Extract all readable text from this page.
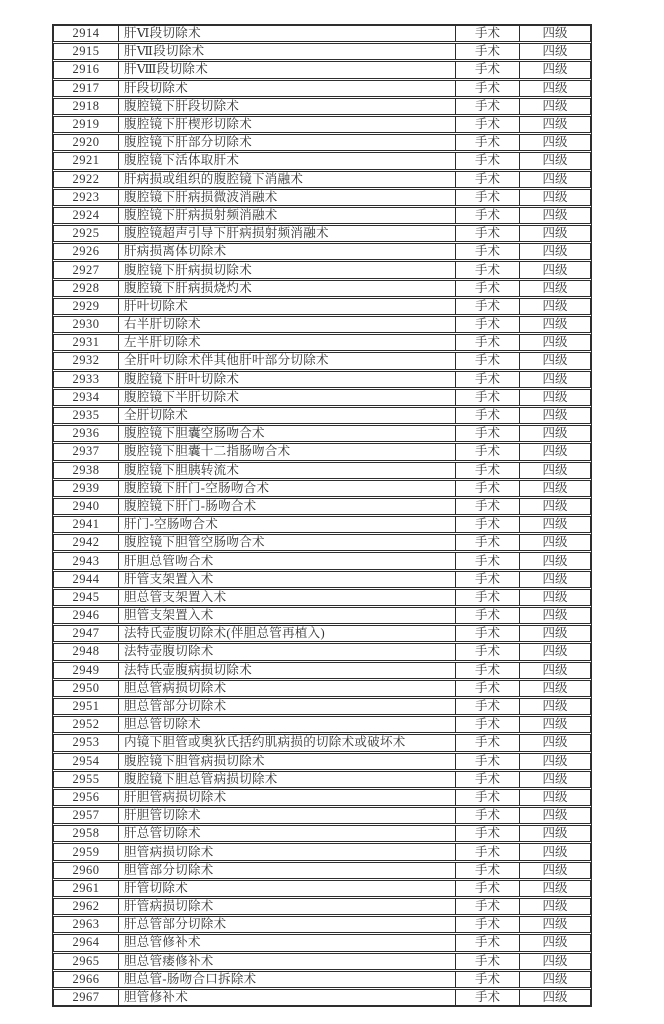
2914	肝Ⅵ段切除术	手术	四级
2915	肝Ⅶ段切除术	手术	四级
2916	肝Ⅷ段切除术	手术	四级
2917	肝段切除术	手术	四级
2918	腹腔镜下肝段切除术	手术	四级
2919	腹腔镜下肝楔形切除术	手术	四级
2920	腹腔镜下肝部分切除术	手术	四级
2921	腹腔镜下活体取肝术	手术	四级
2922	肝病损或组织的腹腔镜下消融术	手术	四级
2923	腹腔镜下肝病损微波消融术	手术	四级
2924	腹腔镜下肝病损射频消融术	手术	四级
2925	腹腔镜超声引导下肝病损射频消融术	手术	四级
2926	肝病损离体切除术	手术	四级
2927	腹腔镜下肝病损切除术	手术	四级
2928	腹腔镜下肝病损烧灼术	手术	四级
2929	肝叶切除术	手术	四级
2930	右半肝切除术	手术	四级
2931	左半肝切除术	手术	四级
2932	全肝叶切除术伴其他肝叶部分切除术	手术	四级
2933	腹腔镜下肝叶切除术	手术	四级
2934	腹腔镜下半肝切除术	手术	四级
2935	全肝切除术	手术	四级
2936	腹腔镜下胆囊空肠吻合术	手术	四级
2937	腹腔镜下胆囊十二指肠吻合术	手术	四级
2938	腹腔镜下胆胰转流术	手术	四级
2939	腹腔镜下肝门-空肠吻合术	手术	四级
2940	腹腔镜下肝门-肠吻合术	手术	四级
2941	肝门-空肠吻合术	手术	四级
2942	腹腔镜下胆管空肠吻合术	手术	四级
2943	肝胆总管吻合术	手术	四级
2944	肝管支架置入术	手术	四级
2945	胆总管支架置入术	手术	四级
2946	胆管支架置入术	手术	四级
2947	法特氏壶腹切除术(伴胆总管再植入)	手术	四级
2948	法特壶腹切除术	手术	四级
2949	法特氏壶腹病损切除术	手术	四级
2950	胆总管病损切除术	手术	四级
2951	胆总管部分切除术	手术	四级
2952	胆总管切除术	手术	四级
2953	内镜下胆管或奥狄氏括约肌病损的切除术或破坏术	手术	四级
2954	腹腔镜下胆管病损切除术	手术	四级
2955	腹腔镜下胆总管病损切除术	手术	四级
2956	肝胆管病损切除术	手术	四级
2957	肝胆管切除术	手术	四级
2958	肝总管切除术	手术	四级
2959	胆管病损切除术	手术	四级
2960	胆管部分切除术	手术	四级
2961	肝管切除术	手术	四级
2962	肝管病损切除术	手术	四级
2963	肝总管部分切除术	手术	四级
2964	胆总管修补术	手术	四级
2965	胆总管瘘修补术	手术	四级
2966	胆总管-肠吻合口拆除术	手术	四级
2967	胆管修补术	手术	四级
